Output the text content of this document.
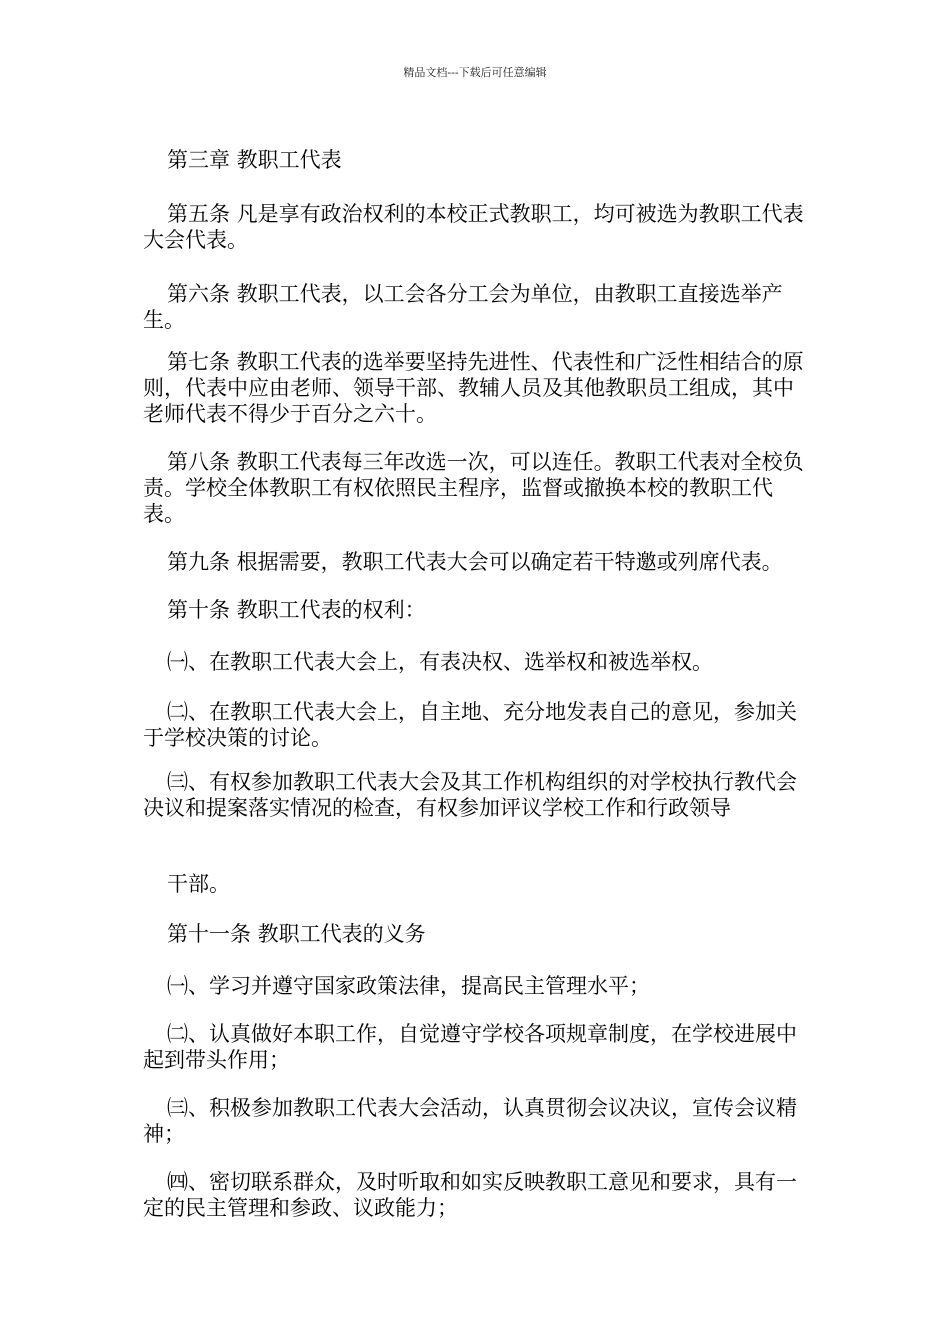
精品文档---下载后可任意编辑

第三章 教职工代表

第五条 凡是享有政治权利的本校正式教职工，均可被选为教职工代表大会代表。

第六条 教职工代表，以工会各分工会为单位，由教职工直接选举产生。

第七条 教职工代表的选举要坚持先进性、代表性和广泛性相结合的原则，代表中应由老师、领导干部、教辅人员及其他教职员工组成，其中老师代表不得少于百分之六十。

第八条 教职工代表每三年改选一次，可以连任。教职工代表对全校负责。学校全体教职工有权依照民主程序，监督或撤换本校的教职工代表。

第九条 根据需要，教职工代表大会可以确定若干特邀或列席代表。

第十条 教职工代表的权利：

㈠、在教职工代表大会上，有表决权、选举权和被选举权。

㈡、在教职工代表大会上，自主地、充分地发表自己的意见，参加关于学校决策的讨论。

㈢、有权参加教职工代表大会及其工作机构组织的对学校执行教代会决议和提案落实情况的检查，有权参加评议学校工作和行政领导

干部。

第十一条 教职工代表的义务

㈠、学习并遵守国家政策法律，提高民主管理水平；

㈡、认真做好本职工作，自觉遵守学校各项规章制度，在学校进展中起到带头作用；

㈢、积极参加教职工代表大会活动，认真贯彻会议决议，宣传会议精神；

㈣、密切联系群众，及时听取和如实反映教职工意见和要求，具有一定的民主管理和参政、议政能力；
